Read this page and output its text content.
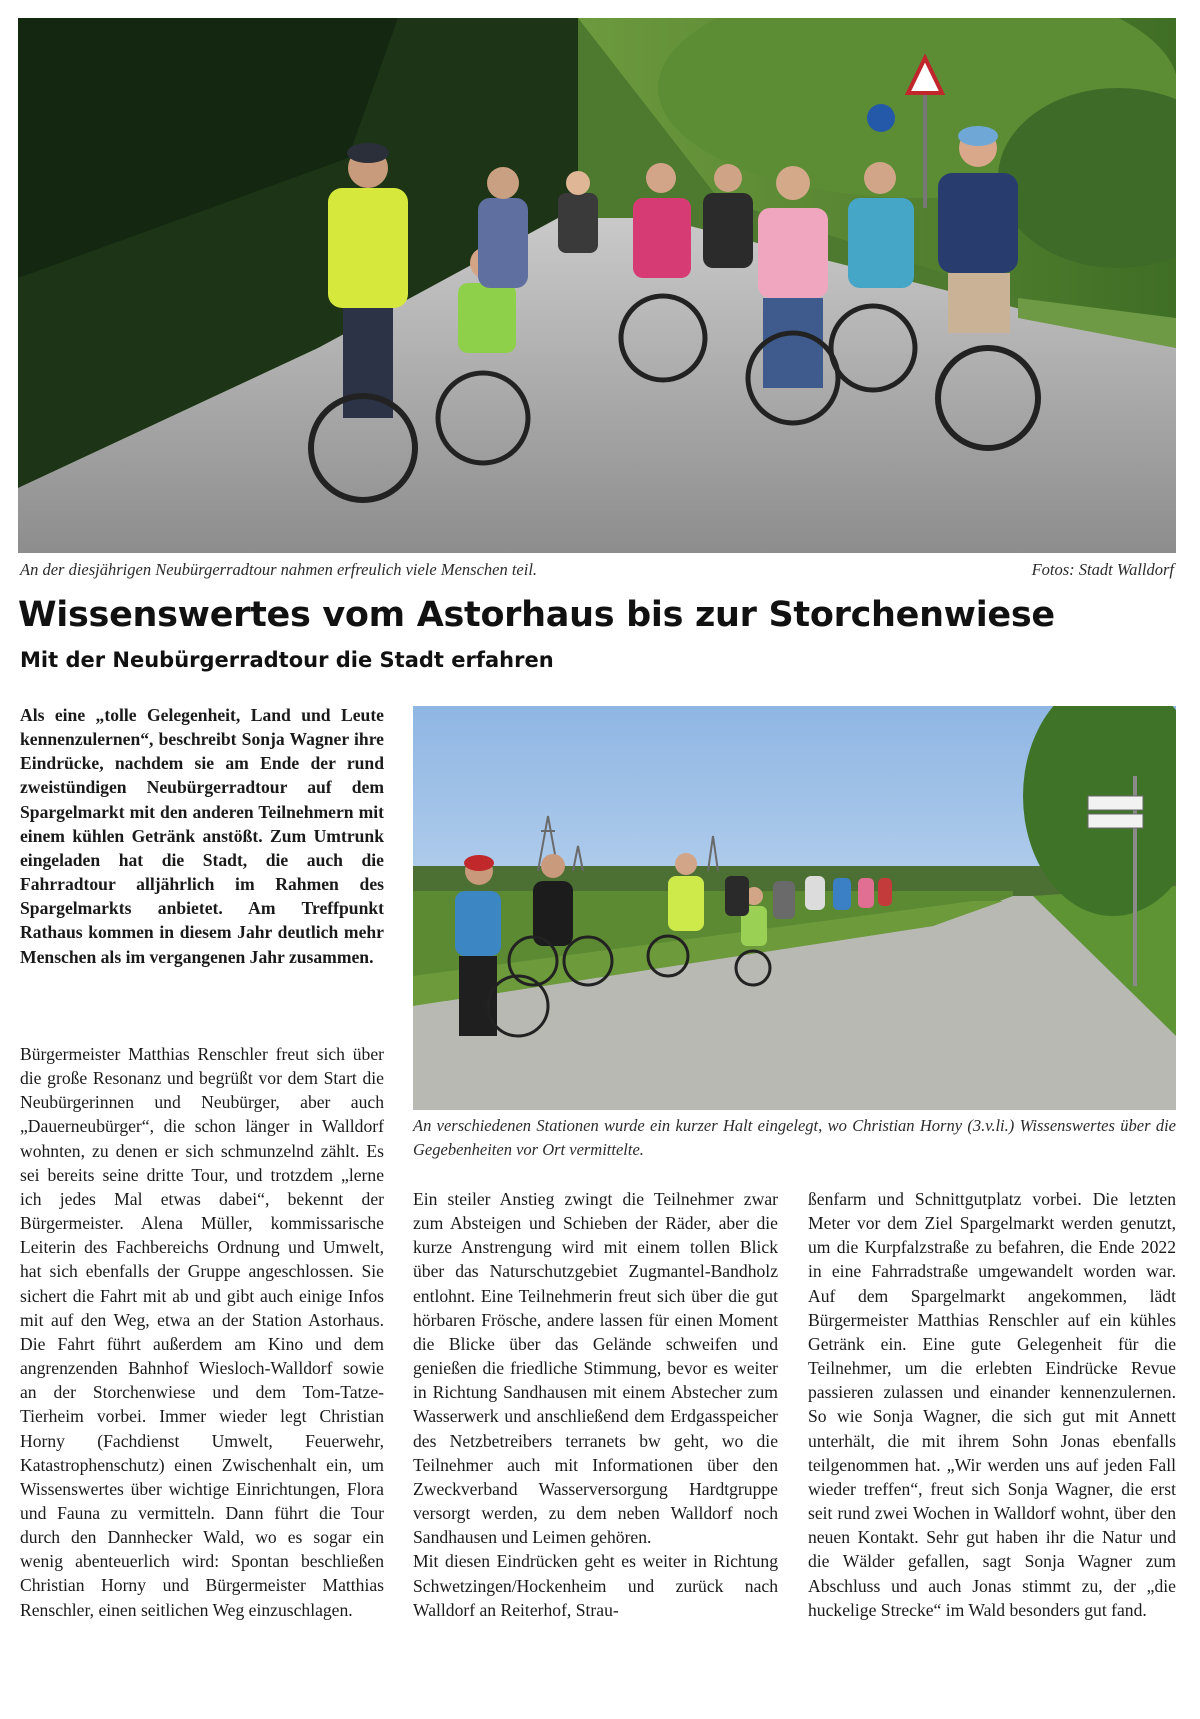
An der diesjährigen Neubürgerradtour nahmen erfreulich viele Menschen teil.	Fotos: Stadt Walldorf
Wissenswertes vom Astorhaus bis zur Storchenwiese
Mit der Neubürgerradtour die Stadt erfahren

Als eine „tolle Gelegenheit, Land und Leute kennenzulernen“, beschreibt Sonja Wagner ihre Eindrücke, nachdem sie am Ende der rund zweistündigen Neubürgerradtour auf dem Spargelmarkt mit den anderen Teilnehmern mit einem kühlen Getränk anstößt. Zum Umtrunk eingeladen hat die Stadt, die auch die Fahrradtour alljährlich im Rahmen des Spargelmarkts anbietet. Am Treffpunkt Rathaus kommen in diesem Jahr deutlich mehr Menschen als im vergangenen Jahr zusammen.

Bürgermeister Matthias Renschler freut sich über die große Resonanz und begrüßt vor dem Start die Neubürgerinnen und Neubürger, aber auch „Dauerneubürger“, die schon länger in Walldorf wohnten, zu denen er sich schmunzelnd zählt. Es sei bereits seine dritte Tour, und trotzdem „lerne ich jedes Mal etwas dabei“, bekennt der Bürgermeister. Alena Müller, kommissarische Leiterin des Fachbereichs Ordnung und Umwelt, hat sich ebenfalls der Gruppe angeschlossen. Sie sichert die Fahrt mit ab und gibt auch einige Infos mit auf den Weg, etwa an der Station Astorhaus. Die Fahrt führt außerdem am Kino und dem angrenzenden Bahnhof Wiesloch-Walldorf sowie an der Storchenwiese und dem Tom-Tatze-Tierheim vorbei. Immer wieder legt Christian Horny (Fachdienst Umwelt, Feuerwehr, Katastrophenschutz) einen Zwischenhalt ein, um Wissenswertes über wichtige Einrichtungen, Flora und Fauna zu vermitteln. Dann führt die Tour durch den Dannhecker Wald, wo es sogar ein wenig abenteuerlich wird: Spontan beschließen Christian Horny und Bürgermeister Matthias Renschler, einen seitlichen Weg einzuschlagen.

An verschiedenen Stationen wurde ein kurzer Halt eingelegt, wo Christian Horny (3.v.li.) Wissenswertes über die Gegebenheiten vor Ort vermittelte.

Ein steiler Anstieg zwingt die Teilnehmer zwar zum Absteigen und Schieben der Räder, aber die kurze Anstrengung wird mit einem tollen Blick über das Naturschutzgebiet Zugmantel-Bandholz entlohnt. Eine Teilnehmerin freut sich über die gut hörbaren Frösche, andere lassen für einen Moment die Blicke über das Gelände schweifen und genießen die friedliche Stimmung, bevor es weiter in Richtung Sandhausen mit einem Abstecher zum Wasserwerk und anschließend dem Erdgasspeicher des Netzbetreibers terranets bw geht, wo die Teilnehmer auch mit Informationen über den Zweckverband Wasserversorgung Hardtgruppe versorgt werden, zu dem neben Walldorf noch Sandhausen und Leimen gehören.

Mit diesen Eindrücken geht es weiter in Richtung Schwetzingen/Hockenheim und zurück nach Walldorf an Reiterhof, Strau-

ßenfarm und Schnittgutplatz vorbei. Die letzten Meter vor dem Ziel Spargelmarkt werden genutzt, um die Kurpfalzstraße zu befahren, die Ende 2022 in eine Fahrradstraße umgewandelt worden war. Auf dem Spargelmarkt angekommen, lädt Bürgermeister Matthias Renschler auf ein kühles Getränk ein. Eine gute Gelegenheit für die Teilnehmer, um die erlebten Eindrücke Revue passieren zulassen und einander kennenzulernen. So wie Sonja Wagner, die sich gut mit Annett unterhält, die mit ihrem Sohn Jonas ebenfalls teilgenommen hat. „Wir werden uns auf jeden Fall wieder treffen“, freut sich Sonja Wagner, die erst seit rund zwei Wochen in Walldorf wohnt, über den neuen Kontakt. Sehr gut haben ihr die Natur und die Wälder gefallen, sagt Sonja Wagner zum Abschluss und auch Jonas stimmt zu, der „die huckelige Strecke“ im Wald besonders gut fand.
